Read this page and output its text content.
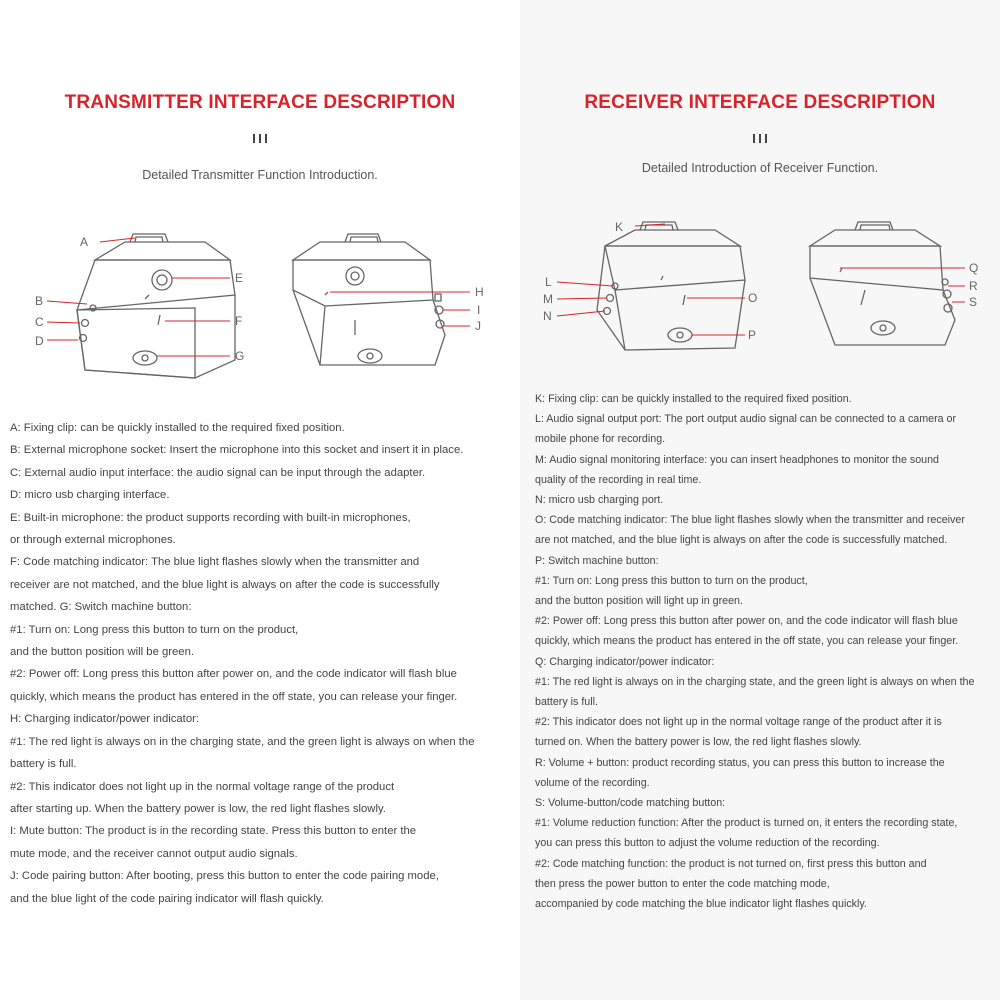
TRANSMITTER INTERFACE DESCRIPTION
Detailed Transmitter Function Introduction.
A
B
C
D
E
F
G
H
I
J
A: Fixing clip: can be quickly installed to the required fixed position.
B: External microphone socket: Insert the microphone into this socket and insert it in place.
C: External audio input interface: the audio signal can be input through the adapter.
D: micro usb charging interface.
E: Built-in microphone: the product supports recording with built-in microphones,
or through external microphones.
F: Code matching indicator: The blue light flashes slowly when the transmitter and
receiver are not matched, and the blue light is always on after the code is successfully
matched. G: Switch machine button:
#1: Turn on: Long press this button to turn on the product,
and the button position will be green.
#2: Power off: Long press this button after power on, and the code indicator will flash blue
quickly, which means the product has entered in the off state, you can release your finger.
H: Charging indicator/power indicator:
#1: The red light is always on in the charging state, and the green light is always on when the
battery is full.
#2: This indicator does not light up in the normal voltage range of the product
after starting up. When the battery power is low, the red light flashes slowly.
I: Mute button: The product is in the recording state. Press this button to enter the
mute mode, and the receiver cannot output audio signals.
J: Code pairing button: After booting, press this button to enter the code pairing mode,
and the blue light of the code pairing indicator will flash quickly.
RECEIVER INTERFACE DESCRIPTION
Detailed Introduction of Receiver Function.
K
L
M
N
O
P
Q
R
S
K: Fixing clip: can be quickly installed to the required fixed position.
L: Audio signal output port: The port output audio signal can be connected to a camera or
mobile phone for recording.
M: Audio signal monitoring interface: you can insert headphones to monitor the sound
quality of the recording in real time.
N: micro usb charging port.
O: Code matching indicator: The blue light flashes slowly when the transmitter and receiver
are not matched, and the blue light is always on after the code is successfully matched.
P: Switch machine button:
#1: Turn on: Long press this button to turn on the product,
and the button position will light up in green.
#2: Power off: Long press this button after power on, and the code indicator will flash blue
quickly, which means the product has entered in the off state, you can release your finger.
Q: Charging indicator/power indicator:
#1: The red light is always on in the charging state, and the green light is always on when the
battery is full.
#2: This indicator does not light up in the normal voltage range of the product after it is
turned on. When the battery power is low, the red light flashes slowly.
R: Volume + button: product recording status, you can press this button to increase the
volume of the recording.
S: Volume-button/code matching button:
#1: Volume reduction function: After the product is turned on, it enters the recording state,
you can press this button to adjust the volume reduction of the recording.
#2: Code matching function: the product is not turned on, first press this button and
then press the power button to enter the code matching mode,
accompanied by code matching the blue indicator light flashes quickly.
